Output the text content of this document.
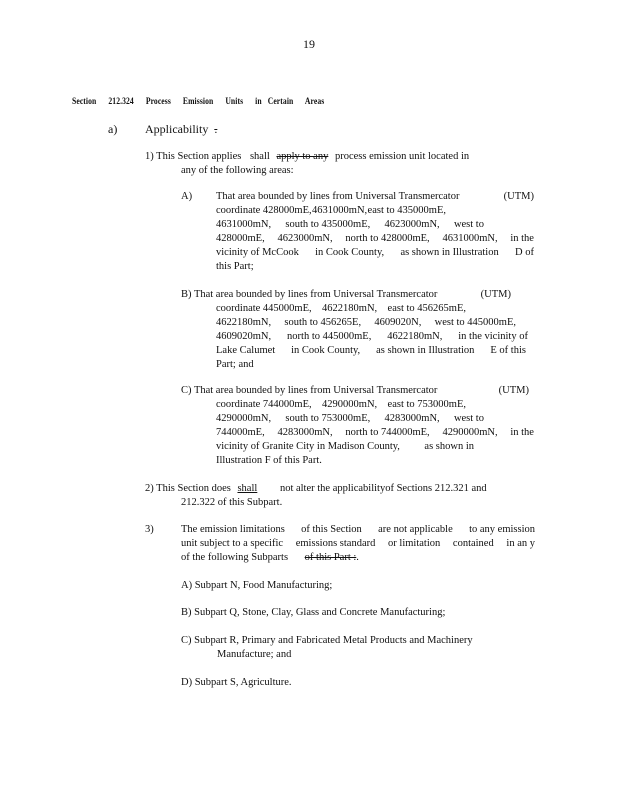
19
Section      212.324      Process      Emission      Units      in   Certain      Areas
a) Applicability .
1) This Section applies shall apply to any process emission unit located in
any of the following areas:
A) That area bounded by lines from Universal Transmercator	(UTM)
coordinate 428000mE, 4631000mN, east to 435000mE,
4631000mN, south to 435000mE, 4623000mN, west to
428000mE, 4623000mN, north to 428000mE, 4631000mN, in the
vicinity of McCook in Cook County, as shown in Illustration D of
this Part;
B) That area bounded by lines from Universal Transmercator	(UTM)
coordinate 445000mE, 4622180mN, east to 456265mE,
4622180mN, south to 456265E, 4609020N, west to 445000mE,
4609020mN, north to 445000mE, 4622180mN, in the vicinity of
Lake Calumet in Cook County, as shown in Illustration E of this
Part; and
C) That area bounded by lines from Universal Transmercator	(UTM)
coordinate 744000mE, 4290000mN, east to 753000mE,
4290000mN, south to 753000mE, 4283000mN, west to
744000mE, 4283000mN, north to 744000mE, 4290000mN, in the
vicinity of Granite City in Madison County, as shown in
Illustration F of this Part.
2) This Section does shall not alter the applicabilityof Sections 212.321 and
212.322 of this Subpart.
3)	The emission limitations of this Section are not applicable to any emission
unit subject to a specific emissions standard or limitation contained in an y
of the following Subparts of this Part :.
A) Subpart N, Food Manufacturing;
B) Subpart Q, Stone, Clay, Glass and Concrete Manufacturing;
C) Subpart R, Primary and Fabricated Metal Products and Machinery
Manufacture; and
D) Subpart S, Agriculture.
